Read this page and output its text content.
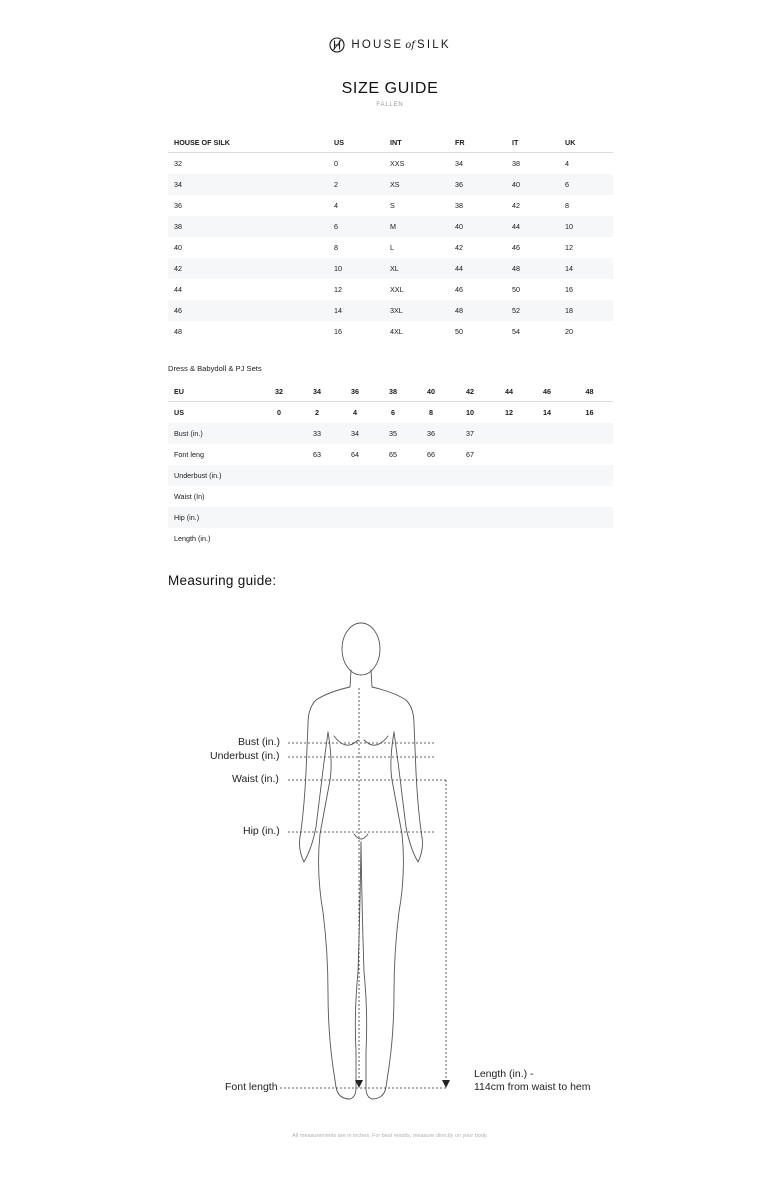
HOUSE of SILK
SIZE GUIDE
FALLEN
HOUSE OF SILK	US	INT	FR	IT	UK
32	0	XXS	34	38	4
34	2	XS	36	40	6
36	4	S	38	42	8
38	6	M	40	44	10
40	8	L	42	46	12
42	10	XL	44	48	14
44	12	XXL	46	50	16
46	14	3XL	48	52	18
48	16	4XL	50	54	20
Dress & Babydoll & PJ Sets
EU	32	34	36	38	40	42	44	46	48
US	0	2	4	6	8	10	12	14	16
Bust (in.)		33	34	35	36	37			
Font leng		63	64	65	66	67			
Underbust (in.)									
Waist (In)									
Hip (in.)									
Length (in.)									
Measuring guide:
Bust (in.)
Underbust (in.)
Waist (in.)
Hip (in.)
Font length
Length (in.) -
114cm from waist to hem
All measurements are in inches. For best results, measure directly on your body.
